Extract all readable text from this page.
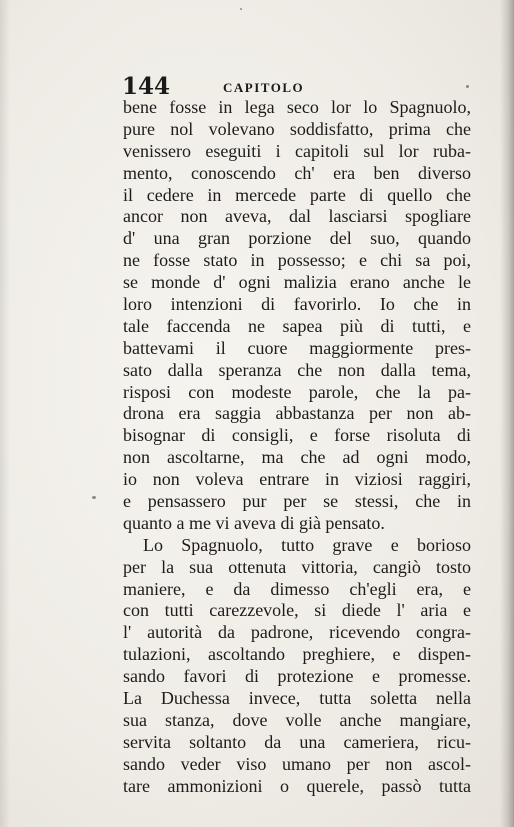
144	CAPITOLO
bene fosse in lega seco lor lo Spagnuolo,
pure nol volevano soddisfatto, prima che
venissero eseguiti i capitoli sul lor ruba-
mento, conoscendo ch' era ben diverso
il cedere in mercede parte di quello che
ancor non aveva, dal lasciarsi spogliare
d' una gran porzione del suo, quando
ne fosse stato in possesso; e chi sa poi,
se monde d' ogni malizia erano anche le
loro intenzioni di favorirlo. Io che in
tale faccenda ne sapea più di tutti, e
battevami il cuore maggiormente pres-
sato dalla speranza che non dalla tema,
risposi con modeste parole, che la pa-
drona era saggia abbastanza per non ab-
bisognar di consigli, e forse risoluta di
non ascoltarne, ma che ad ogni modo,
io non voleva entrare in viziosi raggiri,
e pensassero pur per se stessi, che in
quanto a me vi aveva di già pensato.
Lo Spagnuolo, tutto grave e borioso
per la sua ottenuta vittoria, cangiò tosto
maniere, e da dimesso ch'egli era, e
con tutti carezzevole, si diede l' aria e
l' autorità da padrone, ricevendo congra-
tulazioni, ascoltando preghiere, e dispen-
sando favori di protezione e promesse.
La Duchessa invece, tutta soletta nella
sua stanza, dove volle anche mangiare,
servita soltanto da una cameriera, ricu-
sando veder viso umano per non ascol-
tare ammonizioni o querele, passò tutta
